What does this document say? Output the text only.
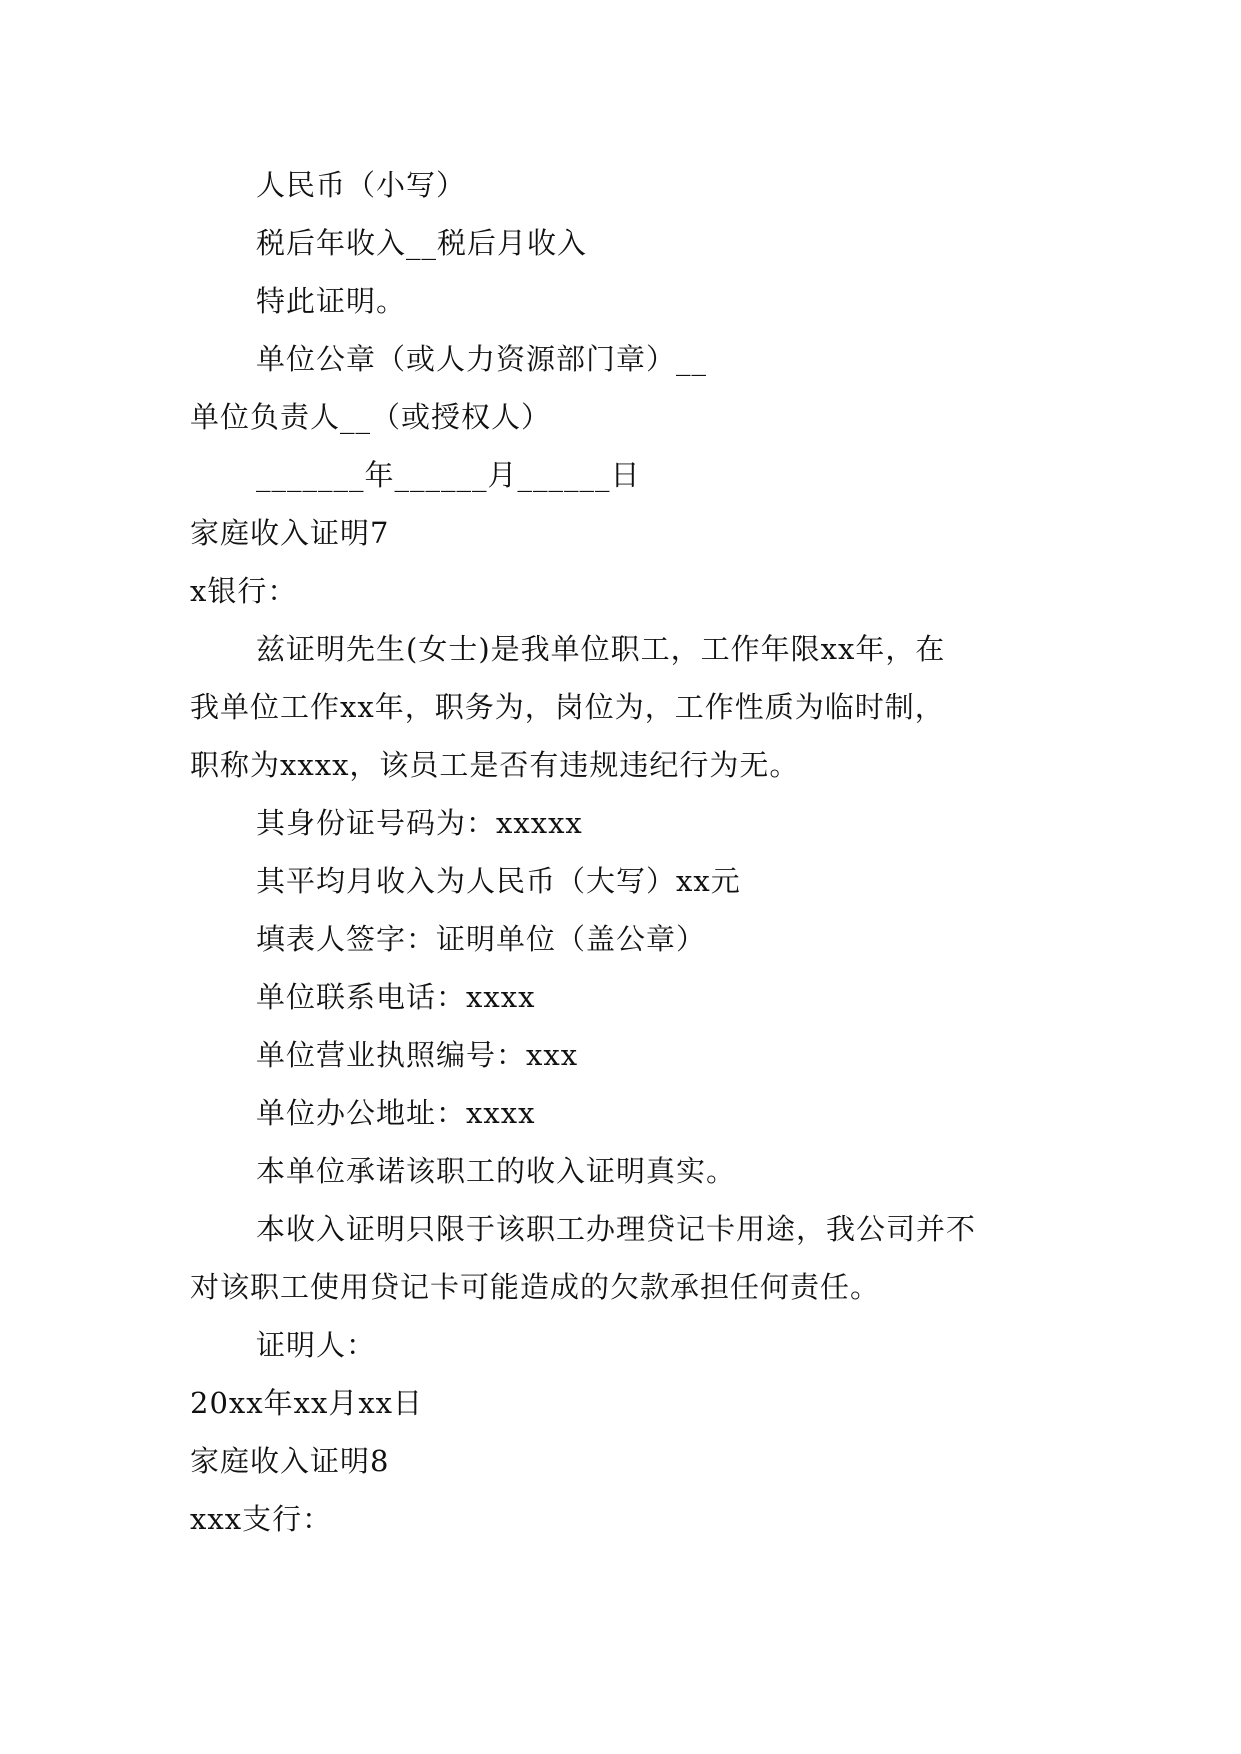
人民币（小写）
税后年收入__税后月收入
特此证明。
单位公章（或人力资源部门章）__
单位负责人__（或授权人）
_______年______月______日
家庭收入证明7
x银行：
兹证明先生(女士)是我单位职工，工作年限xx年，在
我单位工作xx年，职务为，岗位为，工作性质为临时制，
职称为xxxx，该员工是否有违规违纪行为无。
其身份证号码为：xxxxx
其平均月收入为人民币（大写）xx元
填表人签字：证明单位（盖公章）
单位联系电话：xxxx
单位营业执照编号：xxx
单位办公地址：xxxx
本单位承诺该职工的收入证明真实。
本收入证明只限于该职工办理贷记卡用途，我公司并不
对该职工使用贷记卡可能造成的欠款承担任何责任。
证明人：
20xx年xx月xx日
家庭收入证明8
xxx支行：
